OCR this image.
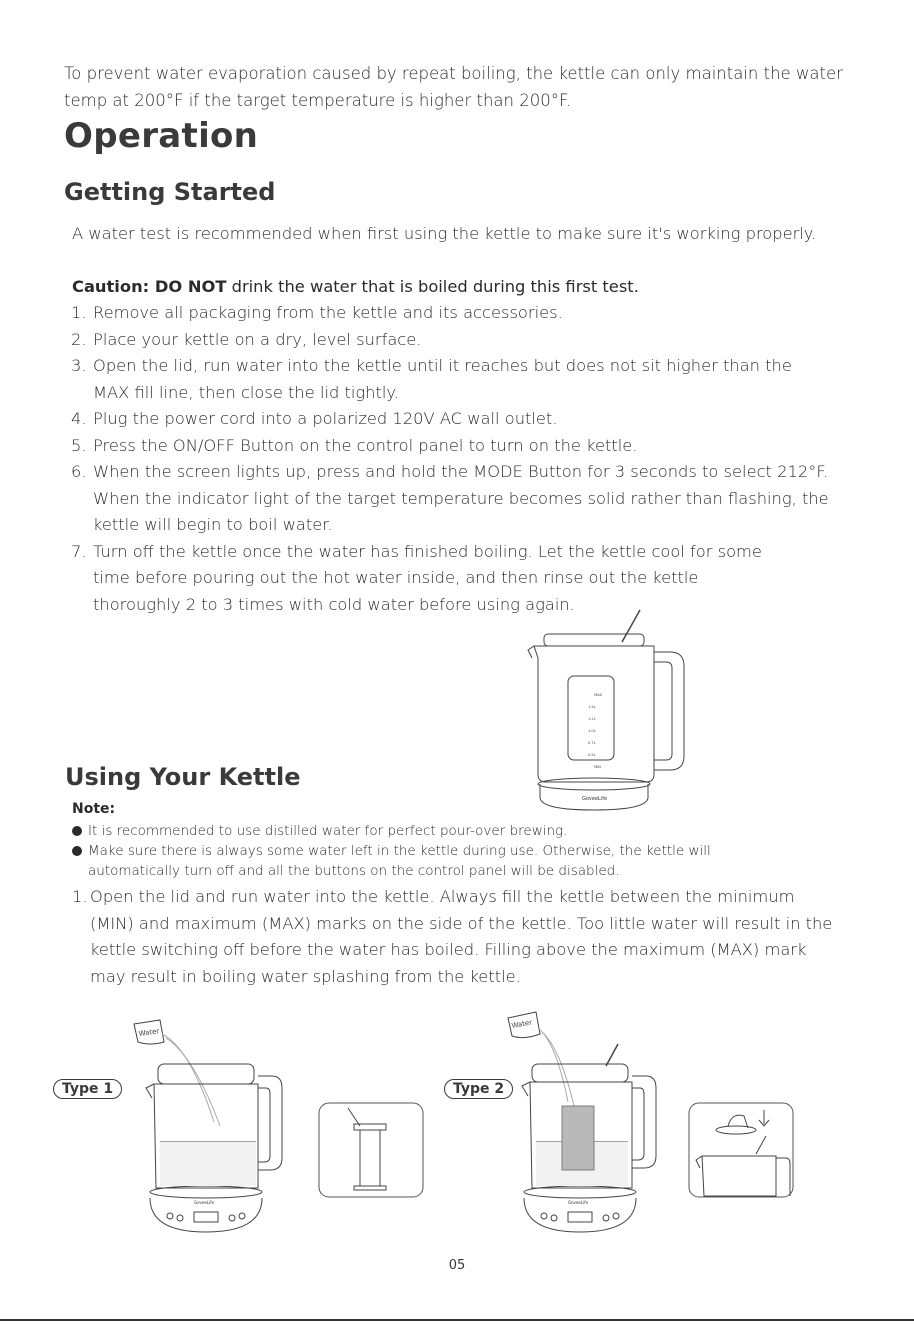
To prevent water evaporation caused by repeat boiling, the kettle can only maintain the water temp at 200°F if the target temperature is higher than 200°F.
Operation
Getting Started
A water test is recommended when first using the kettle to make sure it's working properly.
Caution: DO NOT drink the water that is boiled during this first test.
1. Remove all packaging from the kettle and its accessories.
2. Place your kettle on a dry, level surface.
3. Open the lid, run water into the kettle until it reaches but does not sit higher than the MAX fill line, then close the lid tightly.
4. Plug the power cord into a polarized 120V AC wall outlet.
5. Press the ON/OFF Button on the control panel to turn on the kettle.
6. When the screen lights up, press and hold the MODE Button for 3 seconds to select 212°F. When the indicator light of the target temperature becomes solid rather than flashing, the kettle will begin to boil water.
7. Turn off the kettle once the water has finished boiling. Let the kettle cool for some time before pouring out the hot water inside, and then rinse out the kettle thoroughly 2 to 3 times with cold water before using again.
MAX
1.5L
1.2L
1.0L
0.7L
0.5L
MIN
GoveeLife
Using Your Kettle
Note:
It is recommended to use distilled water for perfect pour-over brewing.
Make sure there is always some water left in the kettle during use. Otherwise, the kettle will automatically turn off and all the buttons on the control panel will be disabled.
1. Open the lid and run water into the kettle. Always fill the kettle between the minimum (MIN) and maximum (MAX) marks on the side of the kettle. Too little water will result in the kettle switching off before the water has boiled. Filling above the maximum (MAX) mark may result in boiling water splashing from the kettle.
Type 1
Water
GoveeLife
Type 2
Water
GoveeLife
05
